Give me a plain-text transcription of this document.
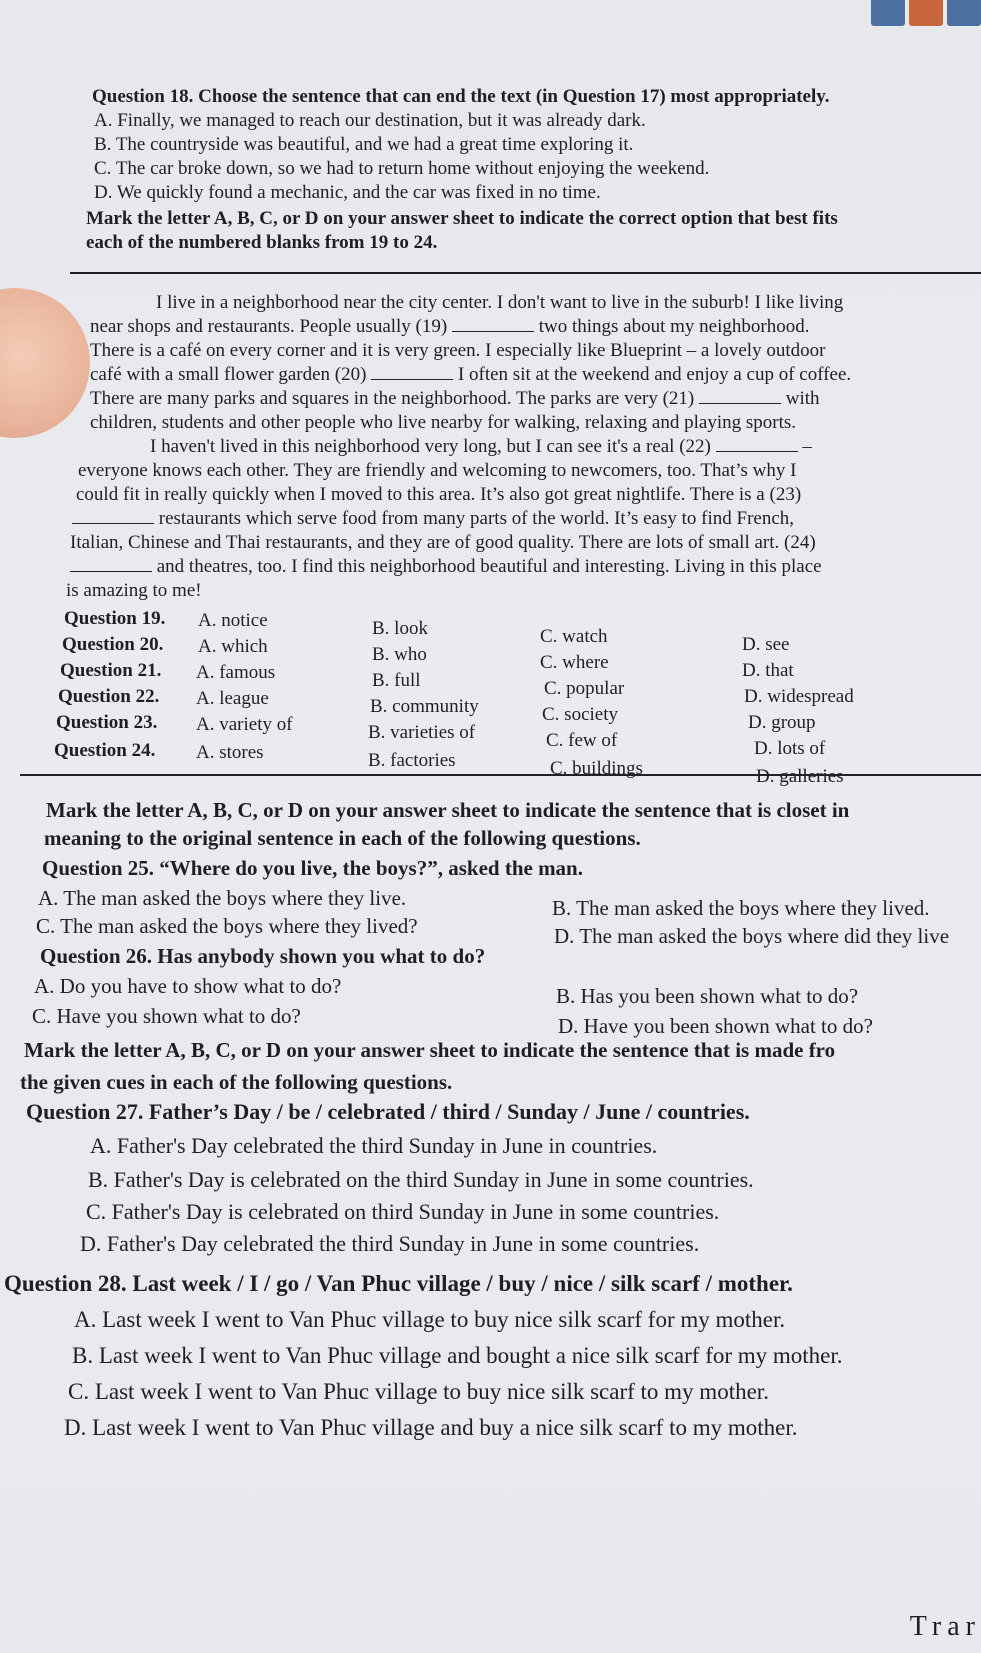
Question 18. Choose the sentence that can end the text (in Question 17) most appropriately.
A. Finally, we managed to reach our destination, but it was already dark.
B. The countryside was beautiful, and we had a great time exploring it.
C. The car broke down, so we had to return home without enjoying the weekend.
D. We quickly found a mechanic, and the car was fixed in no time.
Mark the letter A, B, C, or D on your answer sheet to indicate the correct option that best fits
each of the numbered blanks from 19 to 24.
I live in a neighborhood near the city center. I don't want to live in the suburb! I like living
near shops and restaurants. People usually (19)	two things about my neighborhood.
There is a café on every corner and it is very green. I especially like Blueprint – a lovely outdoor
café with a small flower garden (20)	I often sit at the weekend and enjoy a cup of coffee.
There are many parks and squares in the neighborhood. The parks are very (21)	with
children, students and other people who live nearby for walking, relaxing and playing sports.
I haven't lived in this neighborhood very long, but I can see it's a real (22)	–
everyone knows each other. They are friendly and welcoming to newcomers, too. That’s why I
could fit in really quickly when I moved to this area. It’s also got great nightlife. There is a (23)
restaurants which serve food from many parts of the world. It’s easy to find French,
Italian, Chinese and Thai restaurants, and they are of good quality. There are lots of small art. (24)
and theatres, too. I find this neighborhood beautiful and interesting. Living in this place
is amazing to me!
Question 19. A. notice	B. look	C. watch	D. see
Question 20. A. which	B. who	C. where	D. that
Question 21. A. famous	B. full	C. popular	D. widespread
Question 22. A. league	B. community	C. society	D. group
Question 23. A. variety of	B. varieties of	C. few of	D. lots of
Question 24. A. stores	B. factories	C. buildings	D. galleries
Mark the letter A, B, C, or D on your answer sheet to indicate the sentence that is closet in
meaning to the original sentence in each of the following questions.
Question 25. “Where do you live, the boys?”, asked the man.
A. The man asked the boys where they live.	B. The man asked the boys where they lived.
C. The man asked the boys where they lived?	D. The man asked the boys where did they live
Question 26. Has anybody shown you what to do?
A. Do you have to show what to do?	B. Has you been shown what to do?
C. Have you shown what to do?	D. Have you been shown what to do?
Mark the letter A, B, C, or D on your answer sheet to indicate the sentence that is made fro
the given cues in each of the following questions.
Question 27. Father’s Day / be / celebrated / third / Sunday / June / countries.
A. Father's Day celebrated the third Sunday in June in countries.
B. Father's Day is celebrated on the third Sunday in June in some countries.
C. Father's Day is celebrated on third Sunday in June in some countries.
D. Father's Day celebrated the third Sunday in June in some countries.
Question 28. Last week / I / go / Van Phuc village / buy / nice / silk scarf / mother.
A. Last week I went to Van Phuc village to buy nice silk scarf for my mother.
B. Last week I went to Van Phuc village and bought a nice silk scarf for my mother.
C. Last week I went to Van Phuc village to buy nice silk scarf to my mother.
D. Last week I went to Van Phuc village and buy a nice silk scarf to my mother.
Trar
